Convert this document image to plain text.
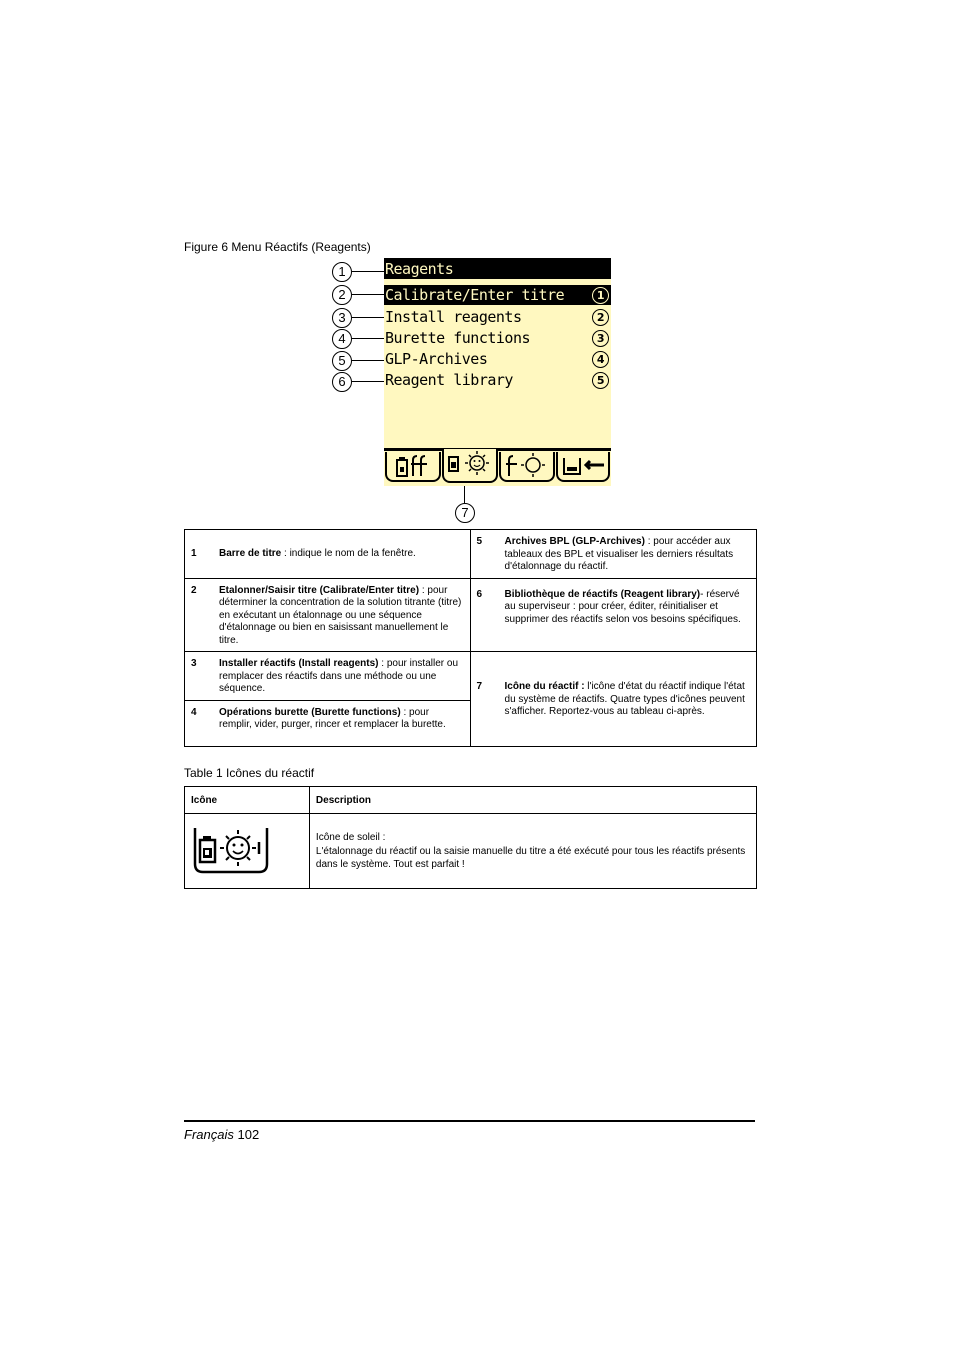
Figure 6 Menu Réactifs (Reagents)
1
2
3
4
5
6
7
Reagents
Calibrate/Enter titre	1
Install reagents	2
Burette functions	3
GLP-Archives	4
Reagent library	5
1 Barre de titre : indique le nom de la fenêtre.	5 Archives BPL (GLP-Archives) : pour accéder aux tableaux des BPL et visualiser les derniers résultats d'étalonnage du réactif.

2 Etalonner/Saisir titre (Calibrate/Enter titre) : pour déterminer la concentration de la solution titrante (titre) en exécutant un étalonnage ou une séquence d'étalonnage ou bien en saisissant manuellement le titre.	6 Bibliothèque de réactifs (Reagent library)- réservé au superviseur : pour créer, éditer, réinitialiser et supprimer des réactifs selon vos besoins spécifiques.

3 Installer réactifs (Install reagents) : pour installer ou remplacer des réactifs dans une méthode ou une séquence.	7 Icône du réactif : l'icône d'état du réactif indique l'état du système de réactifs. Quatre types d'icônes peuvent s'afficher. Reportez-vous au tableau ci-après.

4 Opérations burette (Burette functions) : pour remplir, vider, purger, rincer et remplacer la burette.	
Table 1 Icônes du réactif
Icône	Description

Icône de soleil :
L'étalonnage du réactif ou la saisie manuelle du titre a été exécuté pour tous les réactifs présents dans le système. Tout est parfait !
Français 102
